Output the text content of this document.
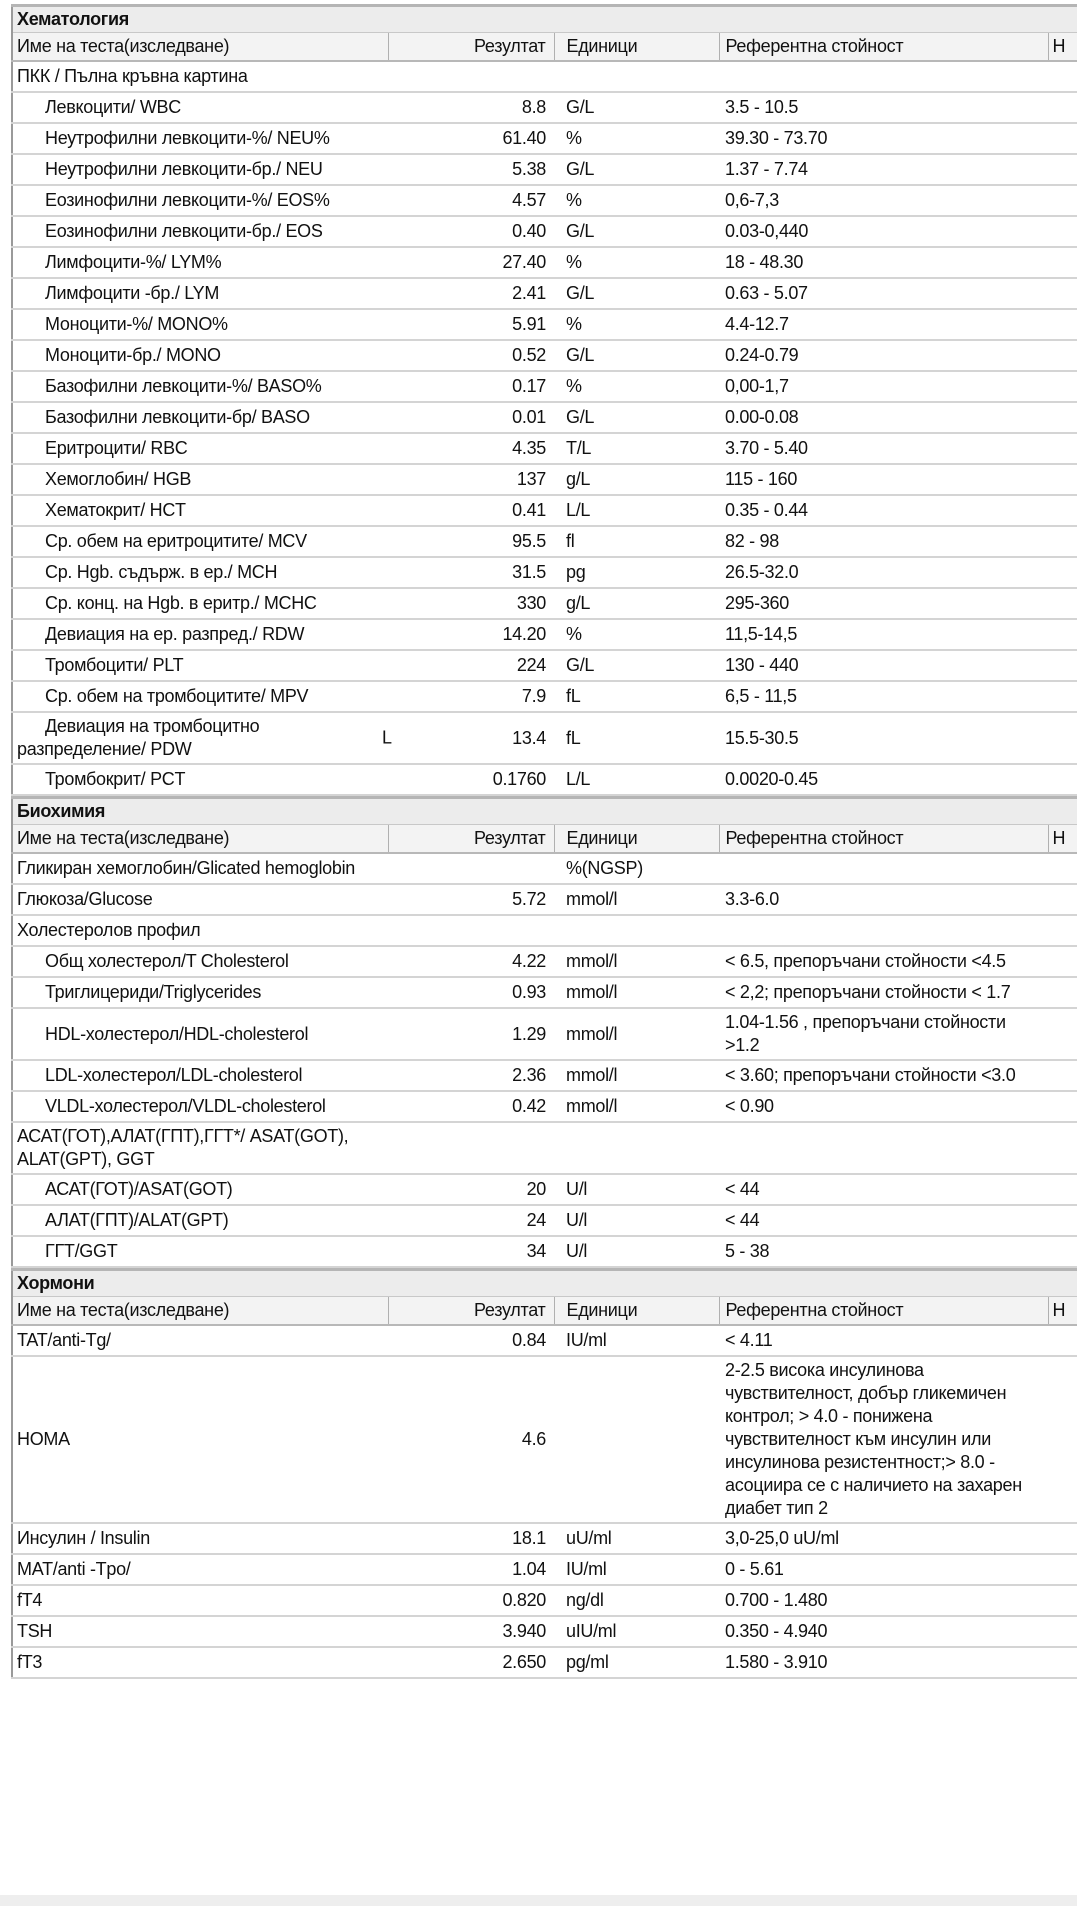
Хематология				
Име на теста(изследване)	Резултат	Единици	Референтна стойност	Н
ПКК / Пълна кръвна картина				
Левкоцити/ WBC	8.8	G/L	3.5 - 10.5	
Неутрофилни левкоцити-%/ NEU%	61.40	%	39.30 - 73.70	
Неутрофилни левкоцити-бр./ NEU	5.38	G/L	1.37 - 7.74	
Еозинофилни левкоцити-%/ EOS%	4.57	%	0,6-7,3	
Еозинофилни левкоцити-бр./ EOS	0.40	G/L	0.03-0,440	
Лимфоцити-%/ LYM%	27.40	%	18 - 48.30	
Лимфоцити -бр./ LYM	2.41	G/L	0.63 - 5.07	
Моноцити-%/ MONO%	5.91	%	4.4-12.7	
Моноцити-бр./ MONO	0.52	G/L	0.24-0.79	
Базофилни левкоцити-%/ BASO%	0.17	%	0,00-1,7	
Базофилни левкоцити-бр/ BASO	0.01	G/L	0.00-0.08	
Еритроцити/ RBC	4.35	T/L	3.70 - 5.40	
Хемоглобин/ HGB	137	g/L	115 - 160	
Хематокрит/ HCT	0.41	L/L	0.35 - 0.44	
Ср. обем на еритроцитите/ MCV	95.5	fl	82 - 98	
Ср. Hgb. съдърж. в ер./ MCH	31.5	pg	26.5-32.0	
Ср. конц. на Hgb. в еритр./ MCHC	330	g/L	295-360	
Девиация на ер. разпред./ RDW	14.20	%	11,5-14,5	
Тромбоцити/ PLT	224	G/L	130 - 440	
Ср. обем на тромбоцитите/ MPV	7.9	fL	6,5 - 11,5	
Девиация на тромбоцитно разпределение/ PDW	L 13.4	fL	15.5-30.5	
Тромбокрит/ PCT	0.1760	L/L	0.0020-0.45	
Биохимия				
Име на теста(изследване)	Резултат	Единици	Референтна стойност	Н
Гликиран хемоглобин/Glicated hemoglobin		%(NGSP)		
Глюкоза/Glucose	5.72	mmol/l	3.3-6.0	
Холестеролов профил				
Общ холестерол/T Cholesterol	4.22	mmol/l	< 6.5, препоръчани стойности <4.5	
Триглицериди/Triglycerides	0.93	mmol/l	< 2,2; препоръчани стойности < 1.7	
HDL-холестерол/HDL-cholesterol	1.29	mmol/l	1.04-1.56 , препоръчани стойности >1.2	
LDL-холестерол/LDL-cholesterol	2.36	mmol/l	< 3.60; препоръчани стойности <3.0	
VLDL-холестерол/VLDL-cholesterol	0.42	mmol/l	< 0.90	
АСАТ(ГОТ),АЛАТ(ГПТ),ГГТ*/ ASAT(GOT), ALAT(GPT), GGT				
АСАТ(ГОТ)/ASAT(GOT)	20	U/l	< 44	
АЛАТ(ГПТ)/ALAT(GPT)	24	U/l	< 44	
ГГТ/GGT	34	U/l	5 - 38	
Хормони				
Име на теста(изследване)	Резултат	Единици	Референтна стойност	Н
TAT/anti-Tg/	0.84	IU/ml	< 4.11	
HOMA	4.6		2-2.5 висока инсулинова чувствителност, добър гликемичен контрол; > 4.0 - понижена чувствителност към инсулин или инсулинова резистентност;> 8.0 - асоциира се с наличието на захарен диабет тип 2	
Инсулин / Insulin	18.1	uU/ml	3,0-25,0 uU/ml	
MAT/anti -Tpo/	1.04	IU/ml	0 - 5.61	
fT4	0.820	ng/dl	0.700 - 1.480	
TSH	3.940	uIU/ml	0.350 - 4.940	
fT3	2.650	pg/ml	1.580 - 3.910	
